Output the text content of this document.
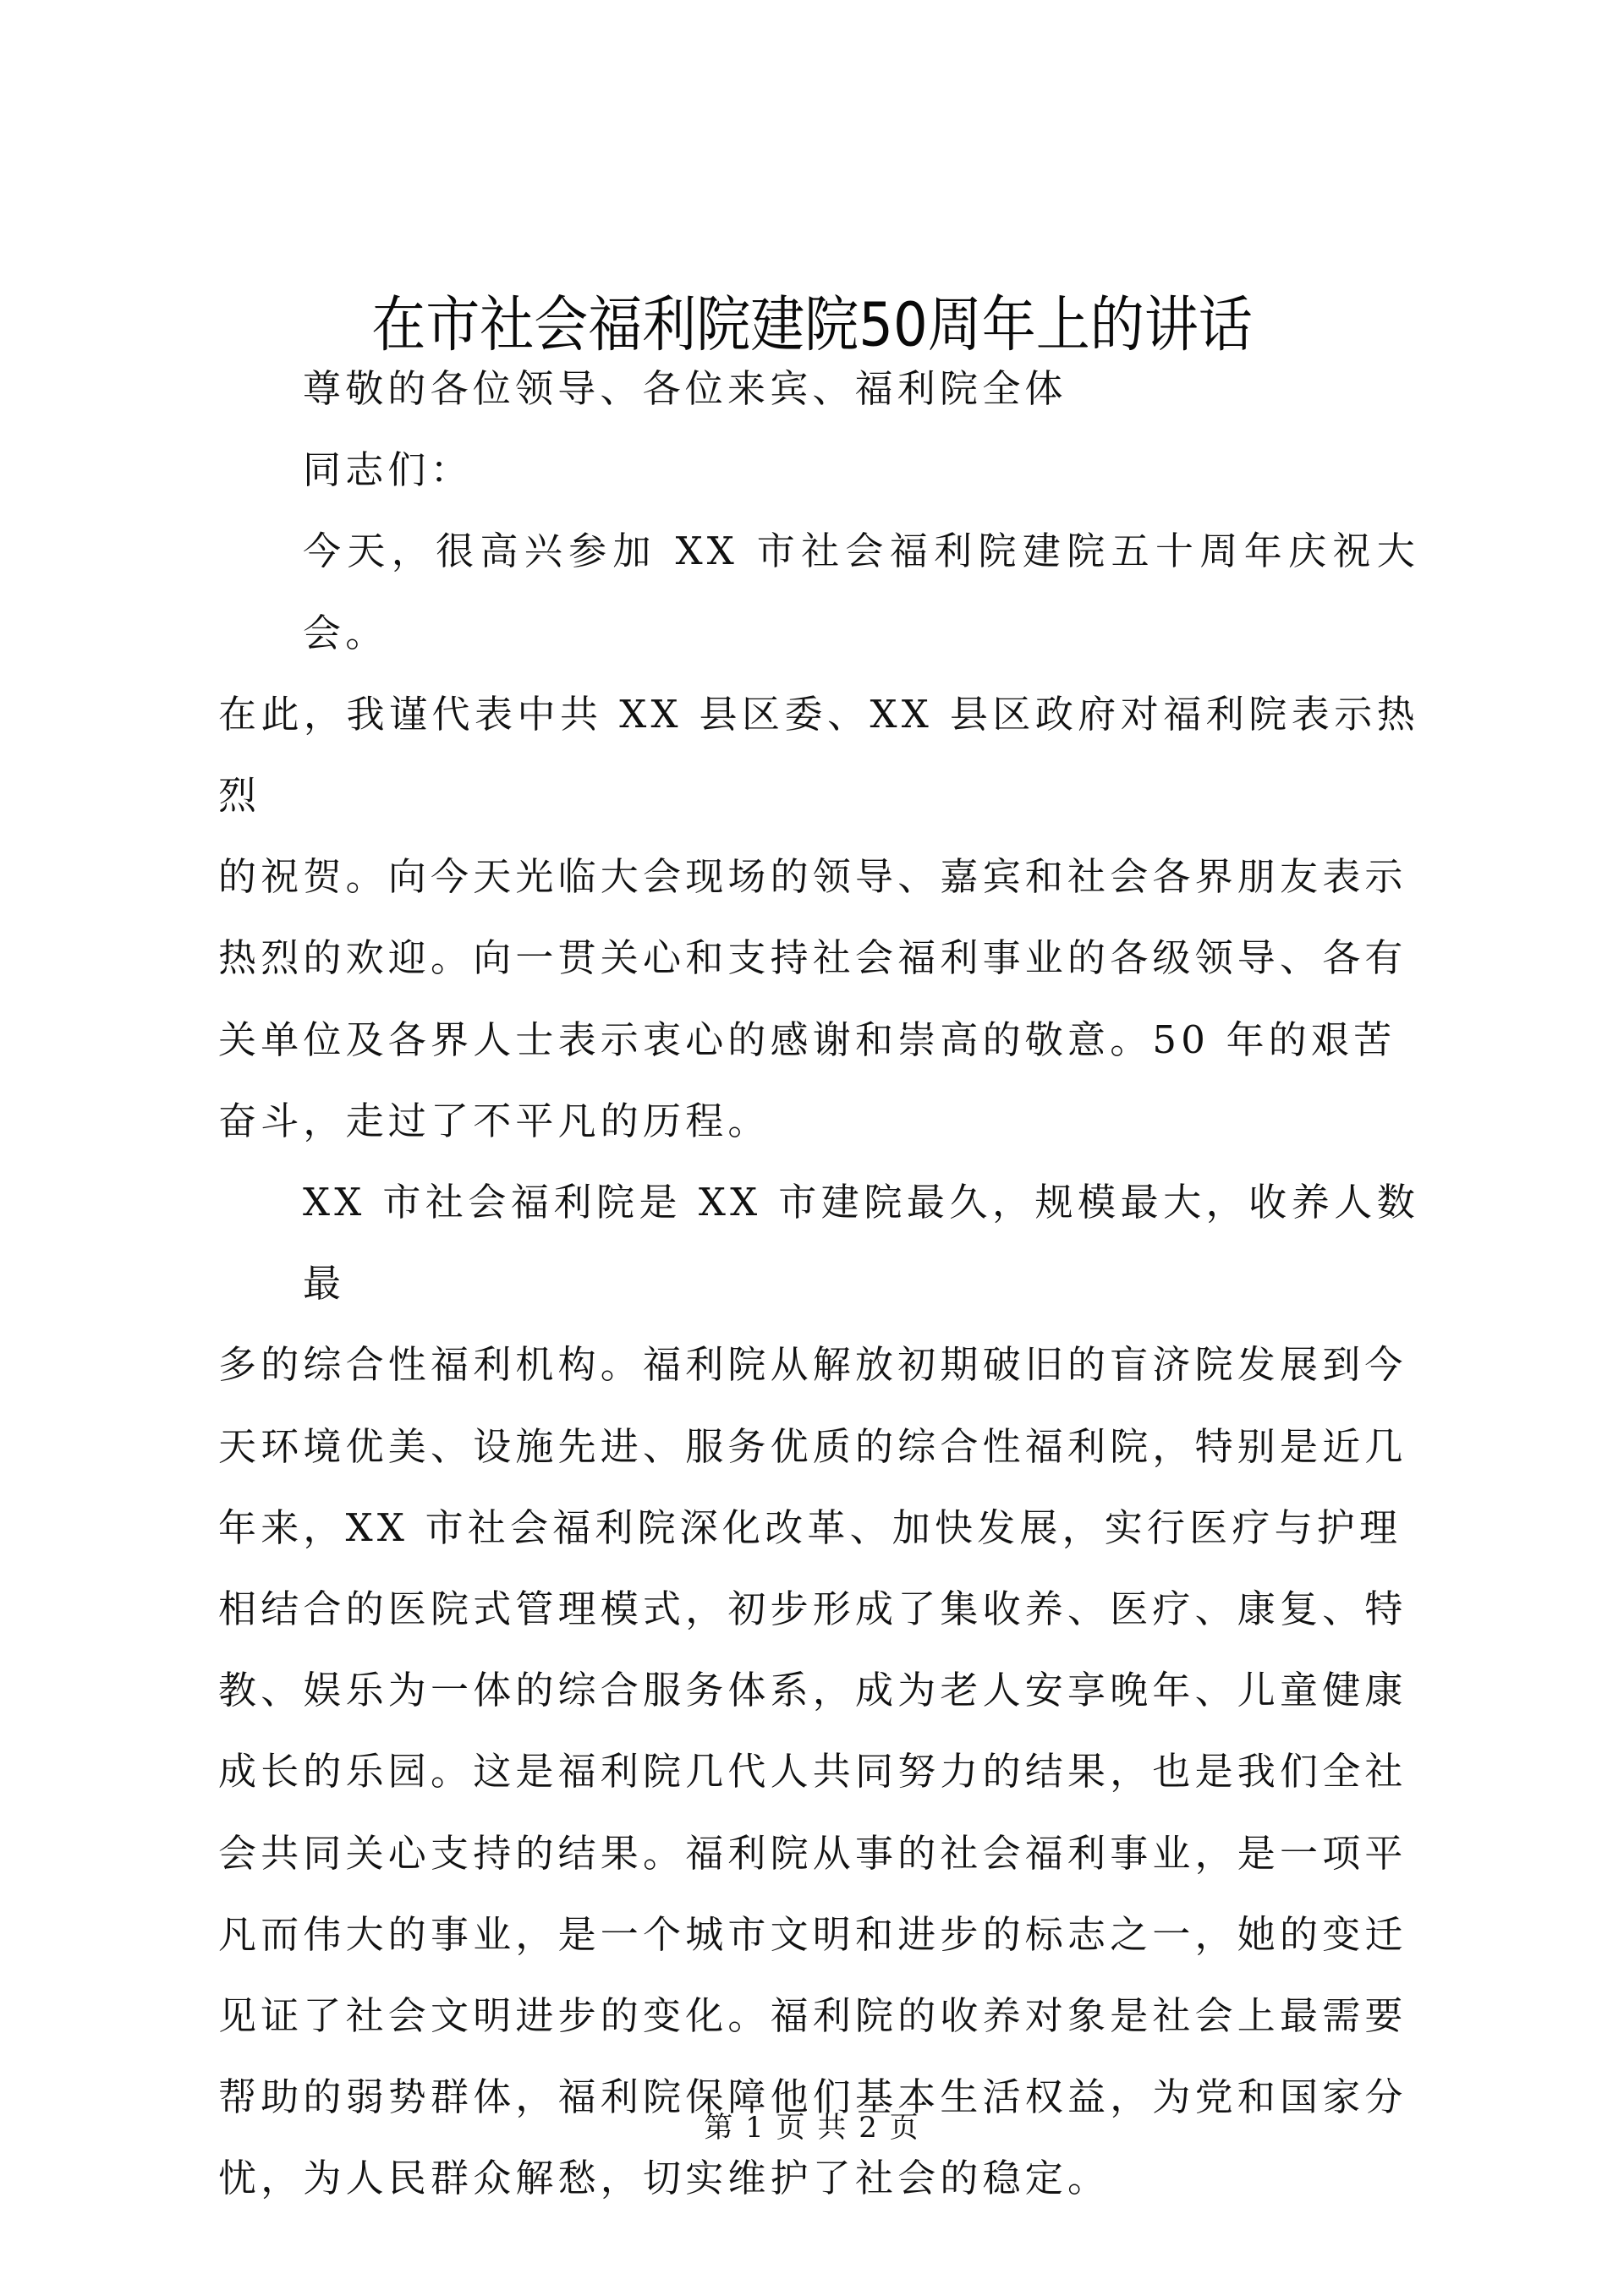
在市社会福利院建院50周年上的讲话

尊敬的各位领导、各位来宾、福利院全体

同志们：

今天，很高兴参加 XX 市社会福利院建院五十周年庆祝大会。

在此，我谨代表中共 XX 县区委、XX 县区政府对福利院表示热烈

的祝贺。向今天光临大会现场的领导、嘉宾和社会各界朋友表示

热烈的欢迎。向一贯关心和支持社会福利事业的各级领导、各有

关单位及各界人士表示衷心的感谢和崇高的敬意。50 年的艰苦

奋斗，走过了不平凡的历程。

XX 市社会福利院是 XX 市建院最久，规模最大，收养人数最

多的综合性福利机构。福利院从解放初期破旧的盲济院发展到今

天环境优美、设施先进、服务优质的综合性福利院，特别是近几

年来，XX 市社会福利院深化改革、加快发展，实行医疗与护理

相结合的医院式管理模式，初步形成了集收养、医疗、康复、特

教、娱乐为一体的综合服务体系，成为老人安享晚年、儿童健康

成长的乐园。这是福利院几代人共同努力的结果，也是我们全社

会共同关心支持的结果。福利院从事的社会福利事业，是一项平

凡而伟大的事业，是一个城市文明和进步的标志之一，她的变迁

见证了社会文明进步的变化。福利院的收养对象是社会上最需要

帮助的弱势群体，福利院保障他们基本生活权益，为党和国家分

忧，为人民群众解愁，切实维护了社会的稳定。

第 1 页 共 2 页
